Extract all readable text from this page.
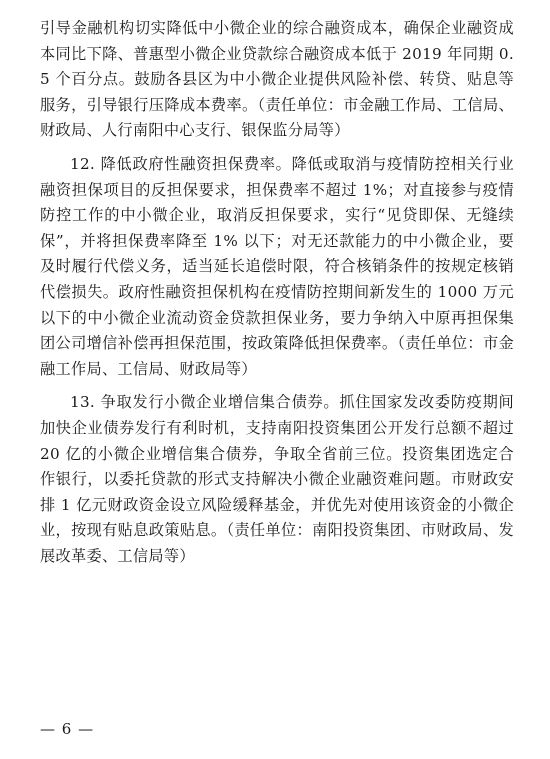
引导金融机构切实降低中小微企业的综合融资成本，确保企业融资成本同比下降、普惠型小微企业贷款综合融资成本低于 2019 年同期 0. 5 个百分点。鼓励各县区为中小微企业提供风险补偿、转贷、贴息等服务，引导银行压降成本费率。（责任单位：市金融工作局、工信局、财政局、人行南阳中心支行、银保监分局等）

12. 降低政府性融资担保费率。降低或取消与疫情防控相关行业融资担保项目的反担保要求，担保费率不超过 1%；对直接参与疫情防控工作的中小微企业，取消反担保要求，实行“见贷即保、无缝续保”，并将担保费率降至 1% 以下；对无还款能力的中小微企业，要及时履行代偿义务，适当延长追偿时限，符合核销条件的按规定核销代偿损失。政府性融资担保机构在疫情防控期间新发生的 1000 万元以下的中小微企业流动资金贷款担保业务，要力争纳入中原再担保集团公司增信补偿再担保范围，按政策降低担保费率。（责任单位：市金融工作局、工信局、财政局等）

13. 争取发行小微企业增信集合债券。抓住国家发改委防疫期间加快企业债券发行有利时机，支持南阳投资集团公开发行总额不超过 20 亿的小微企业增信集合债券，争取全省前三位。投资集团选定合作银行，以委托贷款的形式支持解决小微企业融资难问题。市财政安排 1 亿元财政资金设立风险缓释基金，并优先对使用该资金的小微企业，按现有贴息政策贴息。（责任单位：南阳投资集团、市财政局、发展改革委、工信局等）

— 6 —
